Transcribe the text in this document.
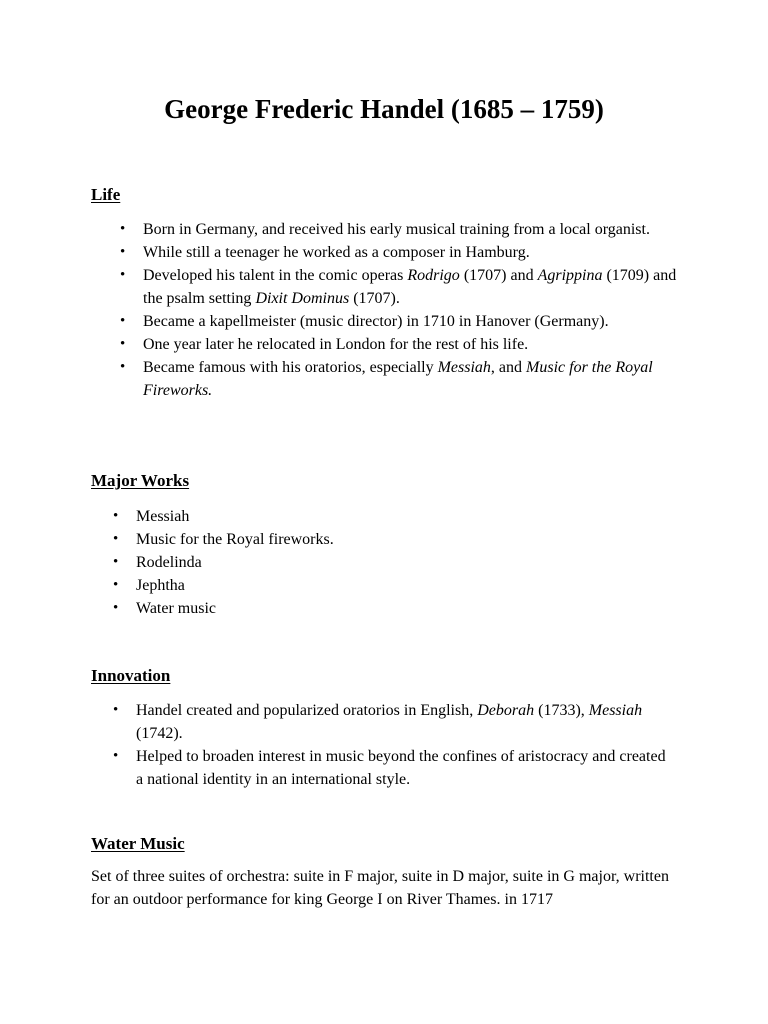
George Frederic Handel (1685 – 1759)
Life
• Born in Germany, and received his early musical training from a local organist.
• While still a teenager he worked as a composer in Hamburg.
• Developed his talent in the comic operas Rodrigo (1707) and Agrippina (1709) and the psalm setting Dixit Dominus (1707).
• Became a kapellmeister (music director) in 1710 in Hanover (Germany).
• One year later he relocated in London for the rest of his life.
• Became famous with his oratorios, especially Messiah, and Music for the Royal Fireworks.
Major Works
• Messiah
• Music for the Royal fireworks.
• Rodelinda
• Jephtha
• Water music
Innovation
• Handel created and popularized oratorios in English, Deborah (1733), Messiah (1742).
• Helped to broaden interest in music beyond the confines of aristocracy and created a national identity in an international style.
Water Music

Set of three suites of orchestra: suite in F major, suite in D major, suite in G major, written for an outdoor performance for king George I on River Thames. in 1717
